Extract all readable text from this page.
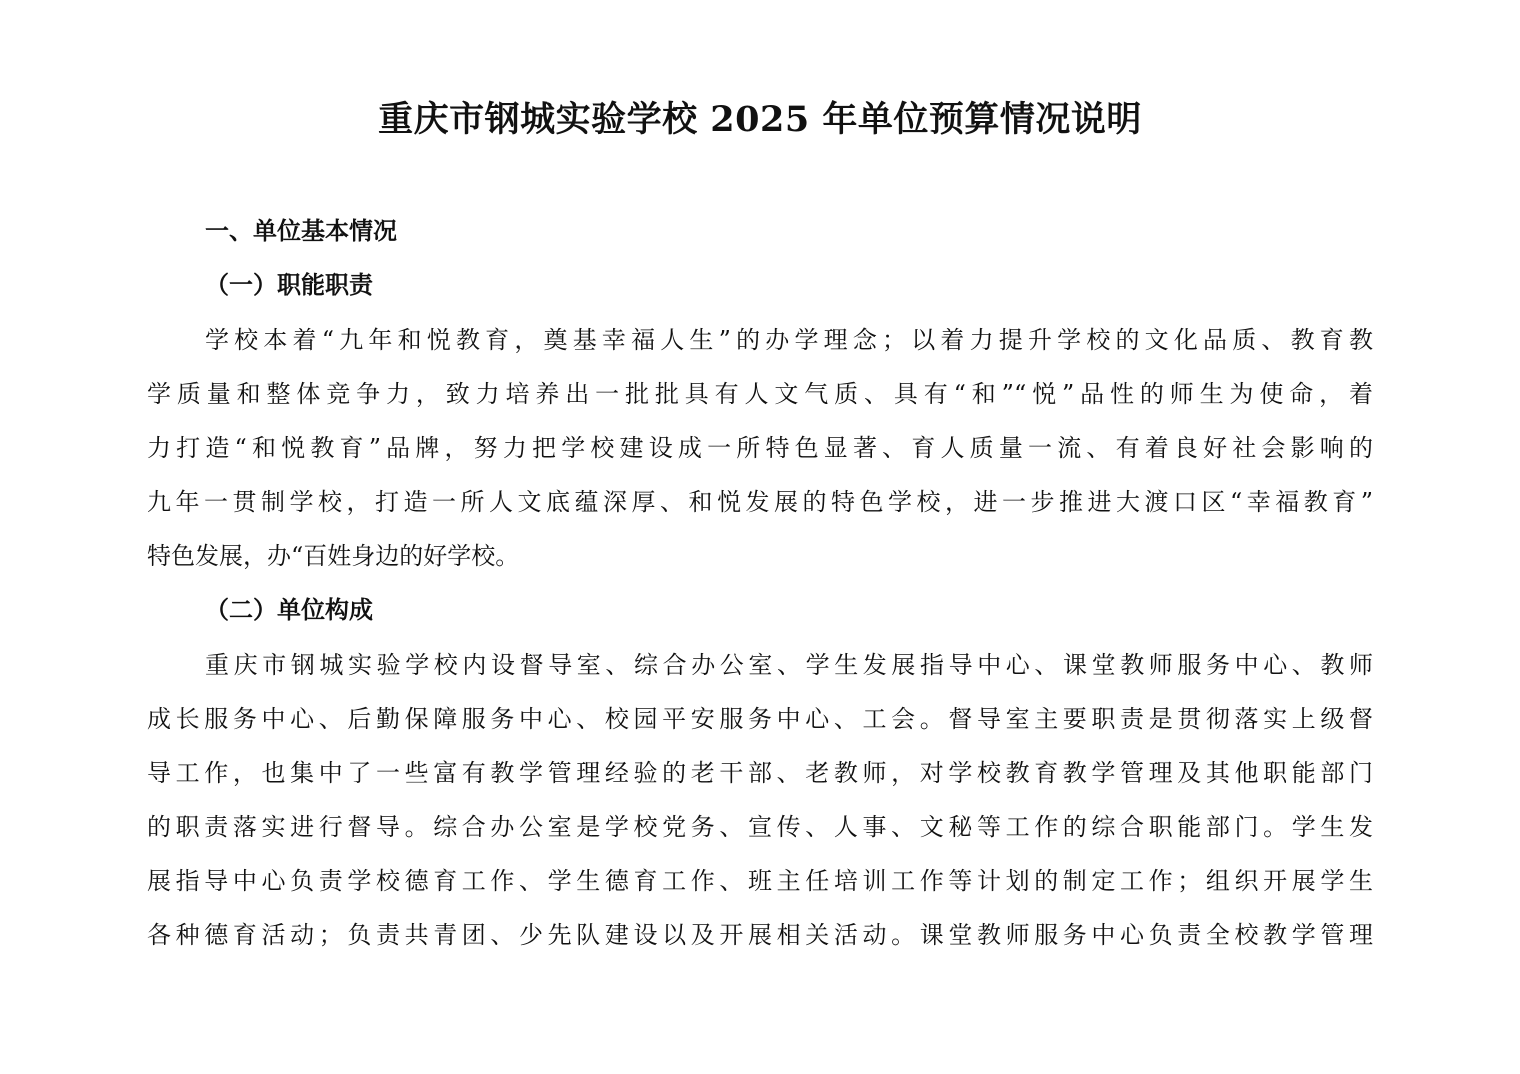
重庆市钢城实验学校 2025 年单位预算情况说明
一、单位基本情况
（一）职能职责
学校本着“九年和悦教育，奠基幸福人生”的办学理念；以着力提升学校的文化品质、教育教
学质量和整体竞争力，致力培养出一批批具有人文气质、具有“和”“悦”品性的师生为使命，着
力打造“和悦教育”品牌，努力把学校建设成一所特色显著、育人质量一流、有着良好社会影响的
九年一贯制学校，打造一所人文底蕴深厚、和悦发展的特色学校，进一步推进大渡口区“幸福教育”
特色发展，办“百姓身边的好学校。
（二）单位构成
重庆市钢城实验学校内设督导室、综合办公室、学生发展指导中心、课堂教师服务中心、教师
成长服务中心、后勤保障服务中心、校园平安服务中心、工会。督导室主要职责是贯彻落实上级督
导工作，也集中了一些富有教学管理经验的老干部、老教师，对学校教育教学管理及其他职能部门
的职责落实进行督导。综合办公室是学校党务、宣传、人事、文秘等工作的综合职能部门。学生发
展指导中心负责学校德育工作、学生德育工作、班主任培训工作等计划的制定工作；组织开展学生
各种德育活动；负责共青团、少先队建设以及开展相关活动。课堂教师服务中心负责全校教学管理
